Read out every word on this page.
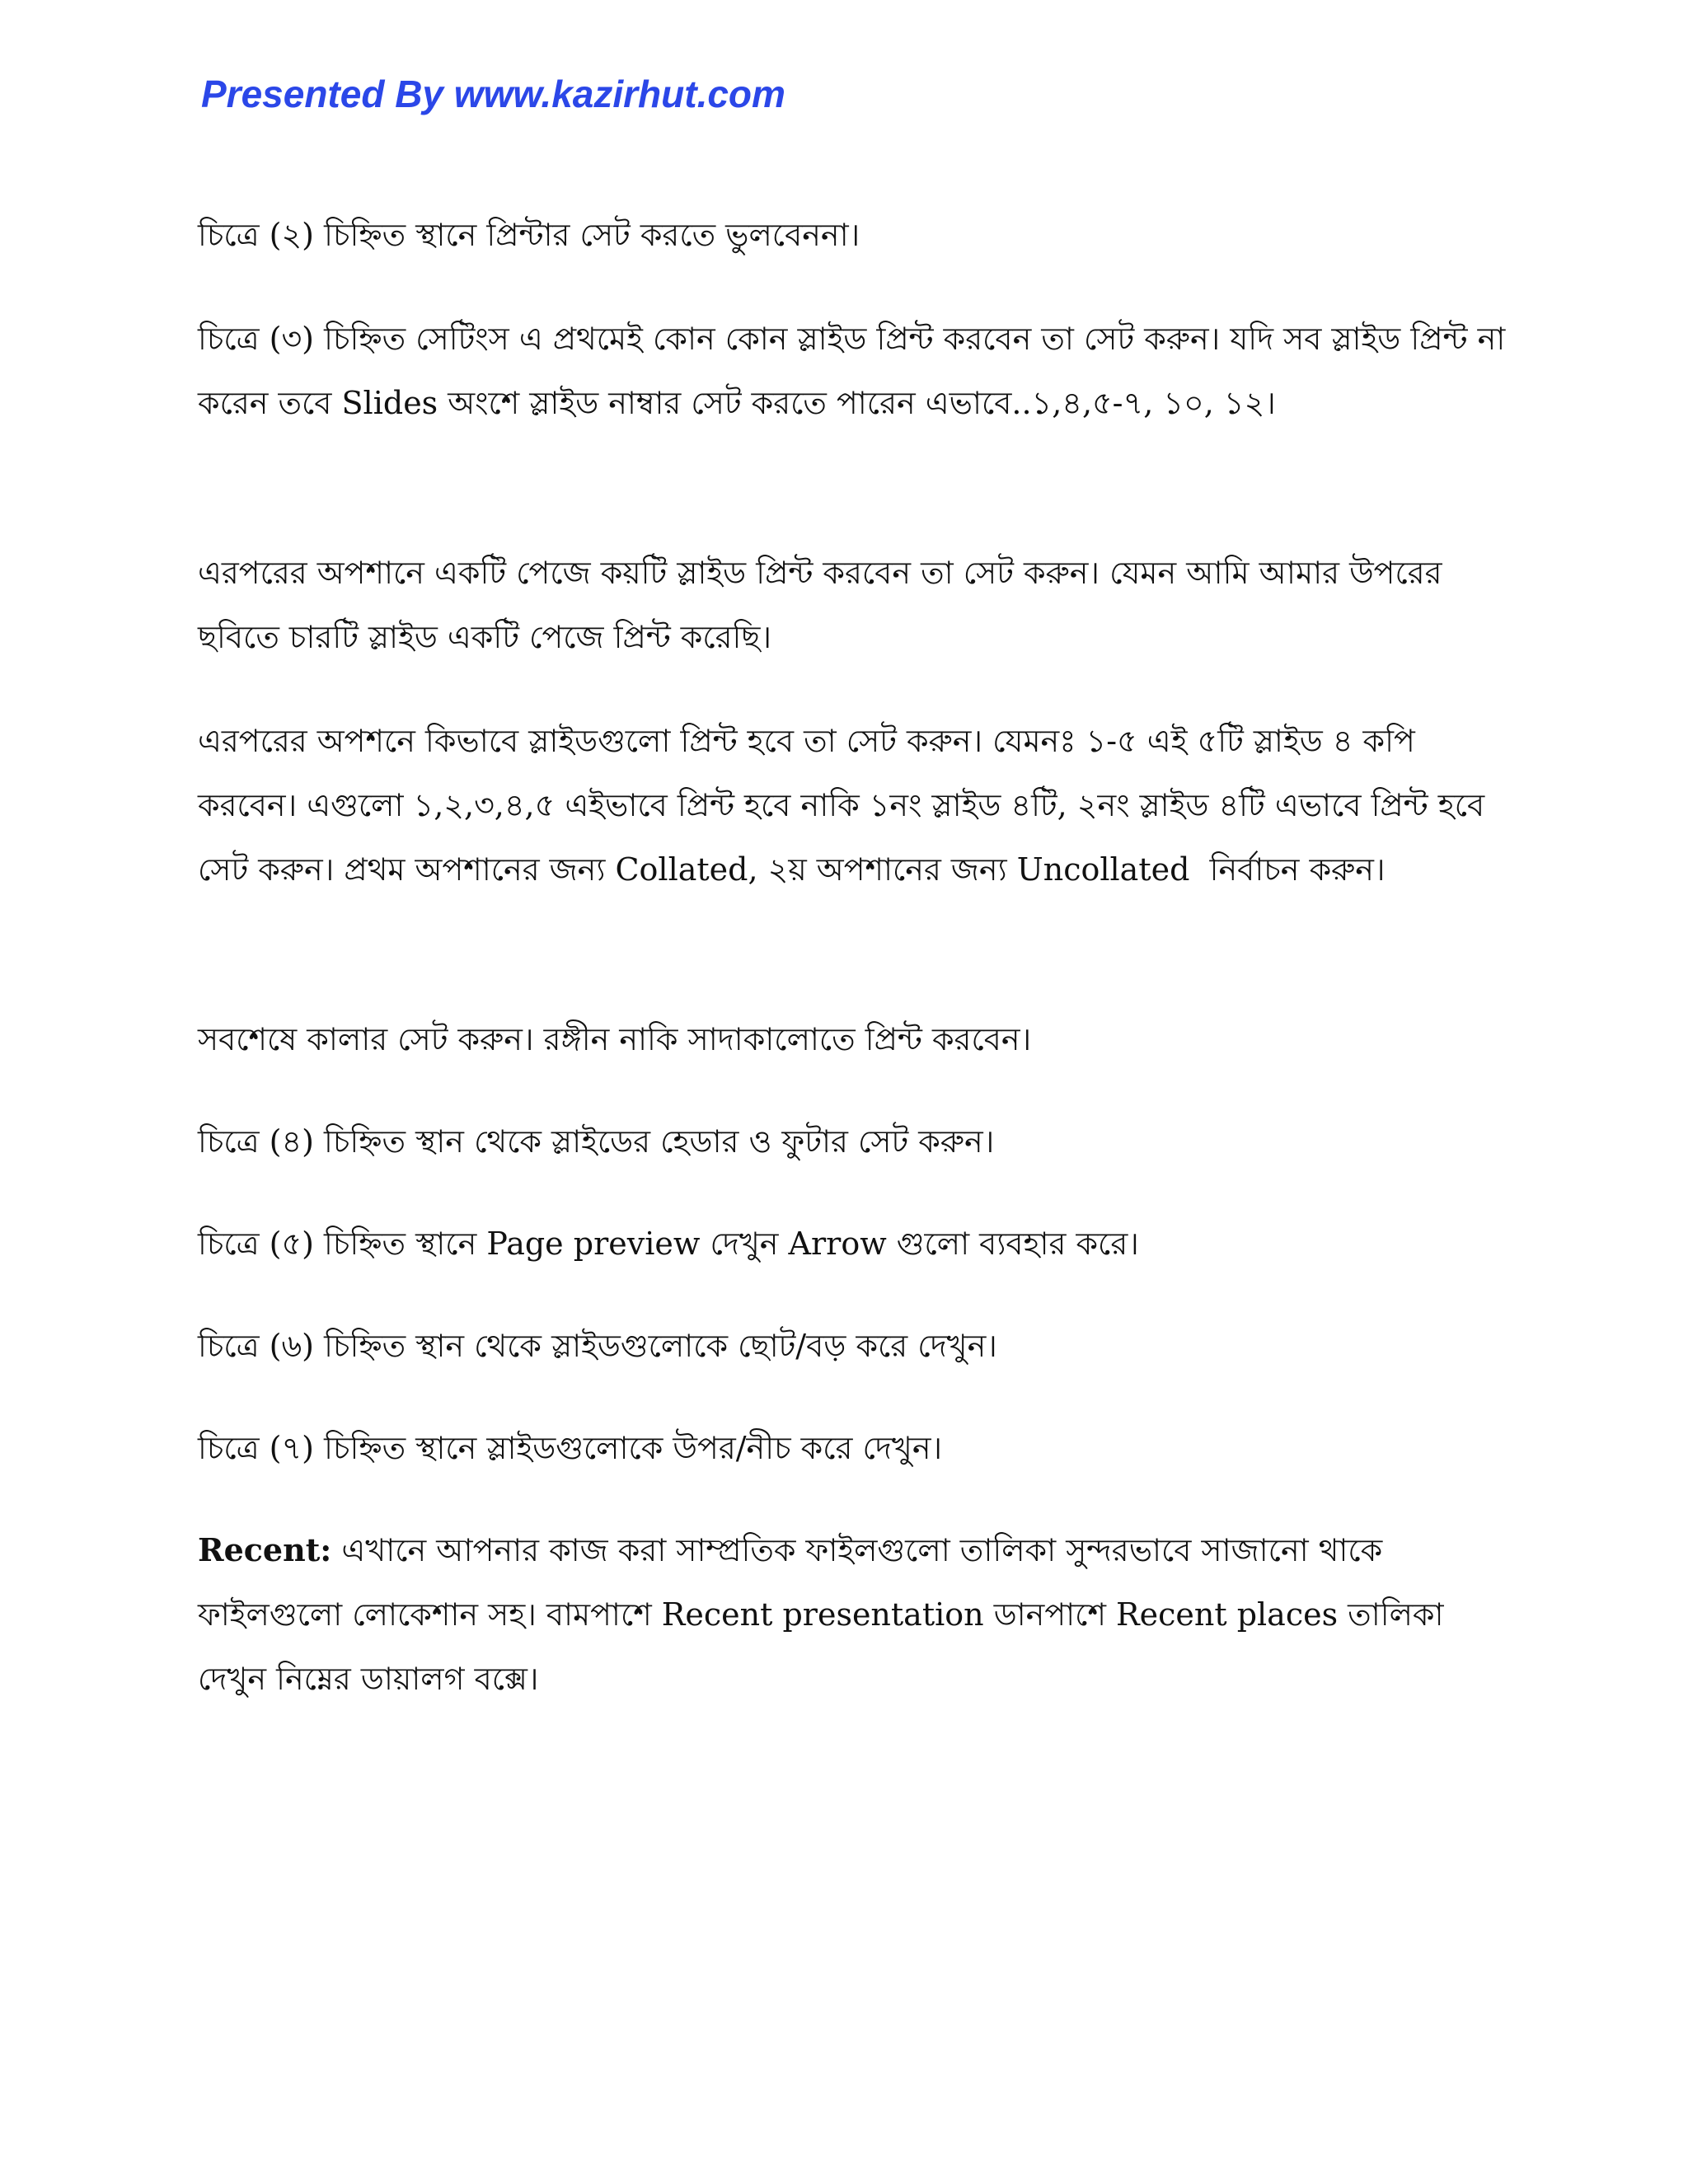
Presented By www.kazirhut.com

চিত্রে (২) চিহ্নিত স্থানে প্রিন্টার সেট করতে ভুলবেননা।

চিত্রে (৩) চিহ্নিত সেটিংস এ প্রথমেই কোন কোন স্লাইড প্রিন্ট করবেন তা সেট করুন। যদি সব স্লাইড প্রিন্ট না করেন তবে Slides অংশে স্লাইড নাম্বার সেট করতে পারেন এভাবে..১,৪,৫-৭, ১০, ১২।

এরপরের অপশানে একটি পেজে কয়টি স্লাইড প্রিন্ট করবেন তা সেট করুন। যেমন আমি আমার উপরের ছবিতে চারটি স্লাইড একটি পেজে প্রিন্ট করেছি।

এরপরের অপশনে কিভাবে স্লাইডগুলো প্রিন্ট হবে তা সেট করুন। যেমনঃ ১-৫ এই ৫টি স্লাইড ৪ কপি করবেন। এগুলো ১,২,৩,৪,৫ এইভাবে প্রিন্ট হবে নাকি ১নং স্লাইড ৪টি, ২নং স্লাইড ৪টি এভাবে প্রিন্ট হবে সেট করুন। প্রথম অপশানের জন্য Collated, ২য় অপশানের জন্য Uncollated  নির্বাচন করুন।

সবশেষে কালার সেট করুন। রঙ্গীন নাকি সাদাকালোতে প্রিন্ট করবেন।

চিত্রে (৪) চিহ্নিত স্থান থেকে স্লাইডের হেডার ও ফুটার সেট করুন।

চিত্রে (৫) চিহ্নিত স্থানে Page preview দেখুন Arrow গুলো ব্যবহার করে।

চিত্রে (৬) চিহ্নিত স্থান থেকে স্লাইডগুলোকে ছোট/বড় করে দেখুন।

চিত্রে (৭) চিহ্নিত স্থানে স্লাইডগুলোকে উপর/নীচ করে দেখুন।

Recent: এখানে আপনার কাজ করা সাম্প্রতিক ফাইলগুলো তালিকা সুন্দরভাবে সাজানো থাকে ফাইলগুলো লোকেশান সহ। বামপাশে Recent presentation ডানপাশে Recent places তালিকা দেখুন নিম্নের ডায়ালগ বক্সে।
